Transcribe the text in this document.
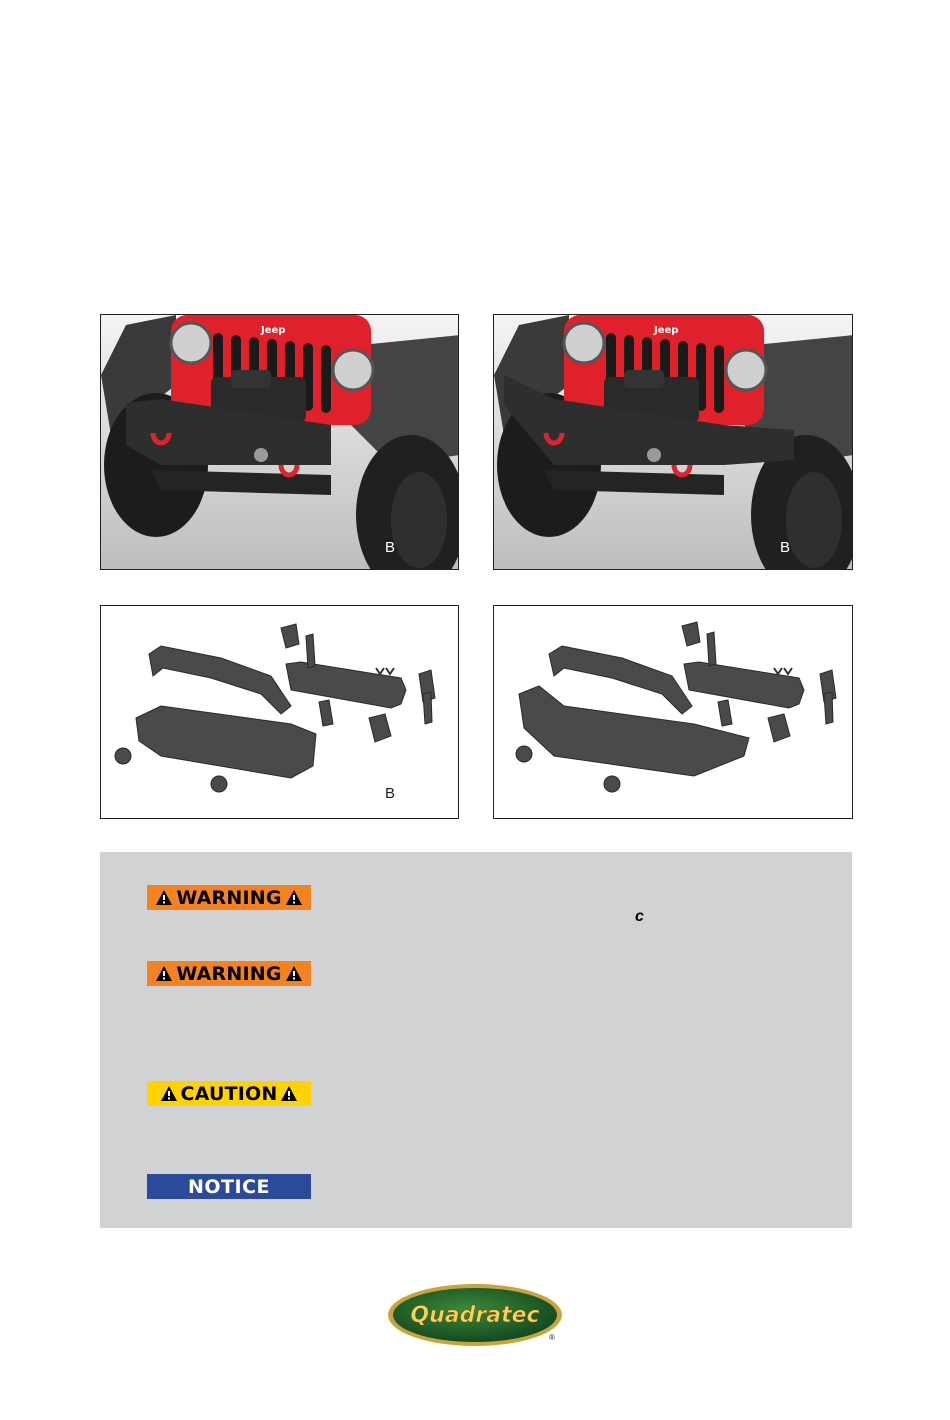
Jeep
B
Jeep
B
B
WARNING
c
WARNING
CAUTION
NOTICE
Quadratec
®
